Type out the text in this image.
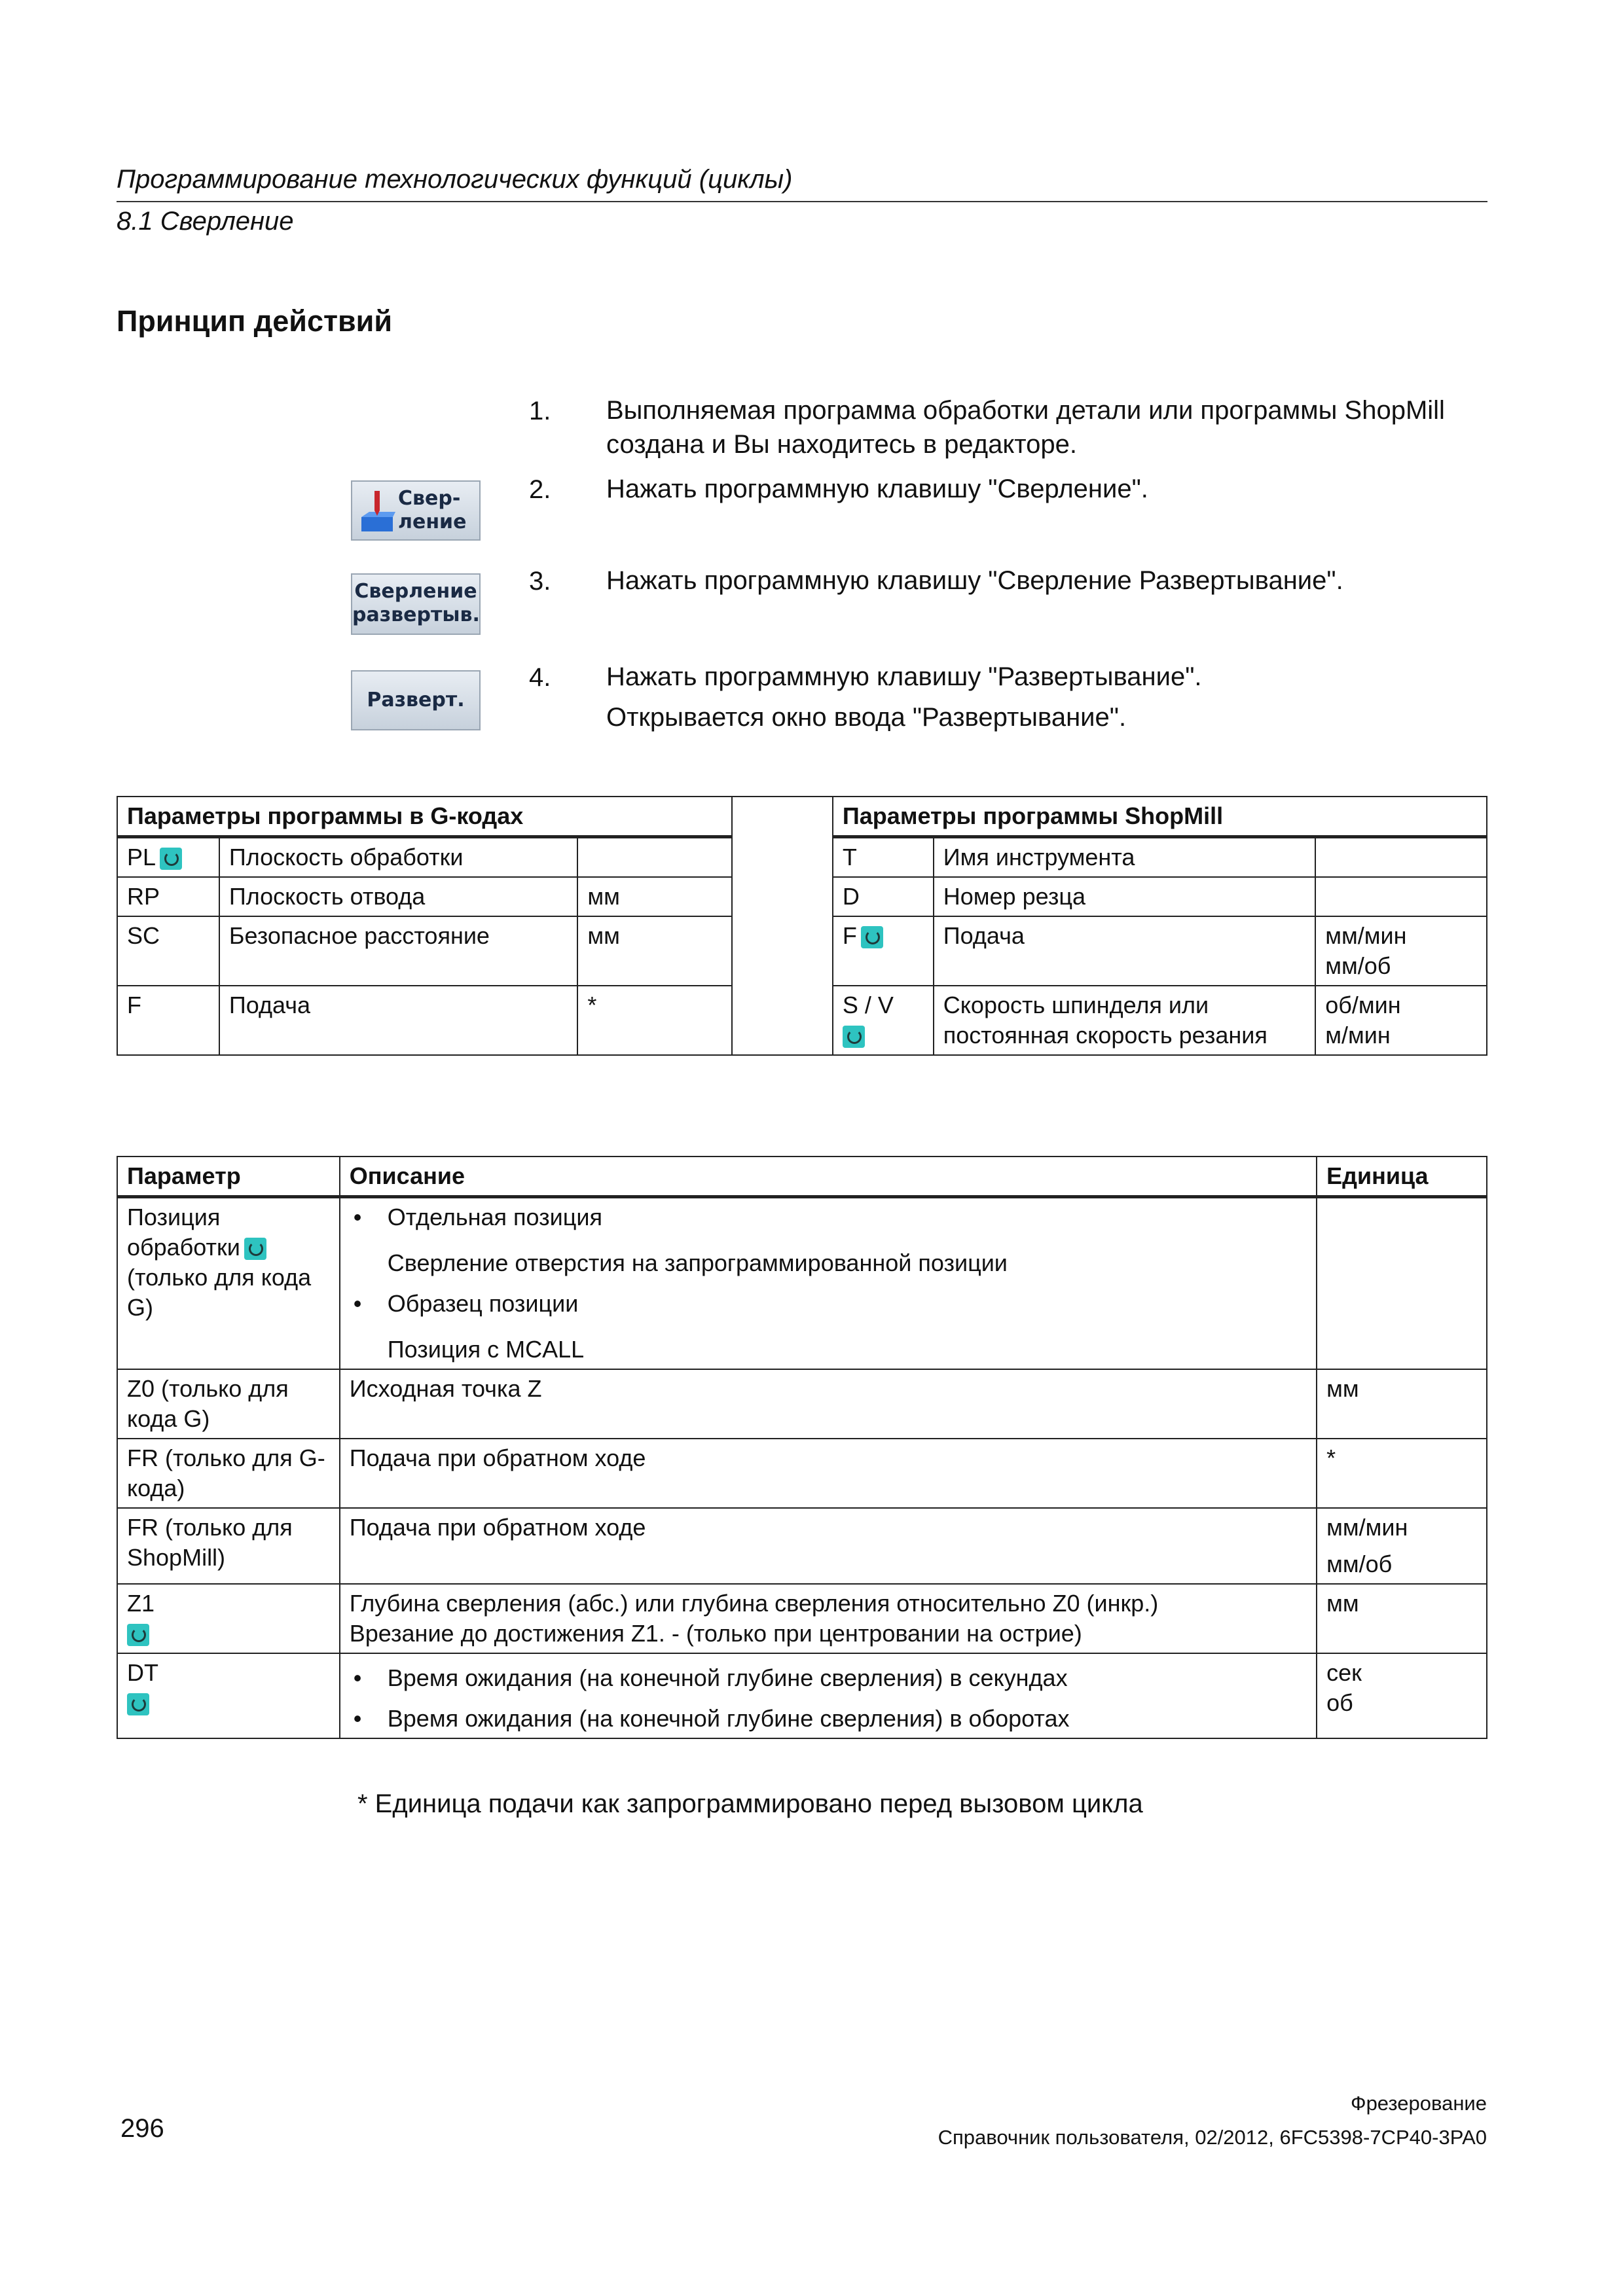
Программирование технологических функций (циклы)
8.1 Сверление
Принцип действий
1. Выполняемая программа обработки детали или программы ShopMill создана и Вы находитесь в редакторе.
2. Нажать программную клавишу "Сверление".
3. Нажать программную клавишу "Сверление Развертывание".
4. Нажать программную клавишу "Развертывание".
Открывается окно ввода "Развертывание".
Свер-
ление
Сверление
развертыв.
Разверт.
Параметры программы в G-кодах				Параметры программы ShopMill		
PL	Плоскость обработки			T	Имя инструмента	
RP	Плоскость отвода	мм		D	Номер резца	
SC	Безопасное расстояние	мм		F	Подача	мм/мин
мм/об

F	Подача	*		S / V	Скорость шпинделя или постоянная скорость резания	об/мин
м/мин
Параметр	Описание	Единица
Позиция обработки
(только для кода G)	• Отдельная позиция
Сверление отверстия на запрограммированной позиции
• Образец позиции
Позиция с MCALL

Z0 (только для кода G)	Исходная точка Z	мм
FR (только для G-кода)	Подача при обратном ходе	*
FR (только для ShopMill)	Подача при обратном ходе	мм/мин
мм/об

Z1	Глубина сверления (абс.) или глубина сверления относительно Z0 (инкр.)
Врезание до достижения Z1. - (только при центровании на острие)	мм

DT	• Время ожидания (на конечной глубине сверления) в секундах
• Время ожидания (на конечной глубине сверления) в оборотах	сек
об
* Единица подачи как запрограммировано перед вызовом цикла
Фрезерование
296	Справочник пользователя, 02/2012, 6FC5398-7CP40-3PA0
